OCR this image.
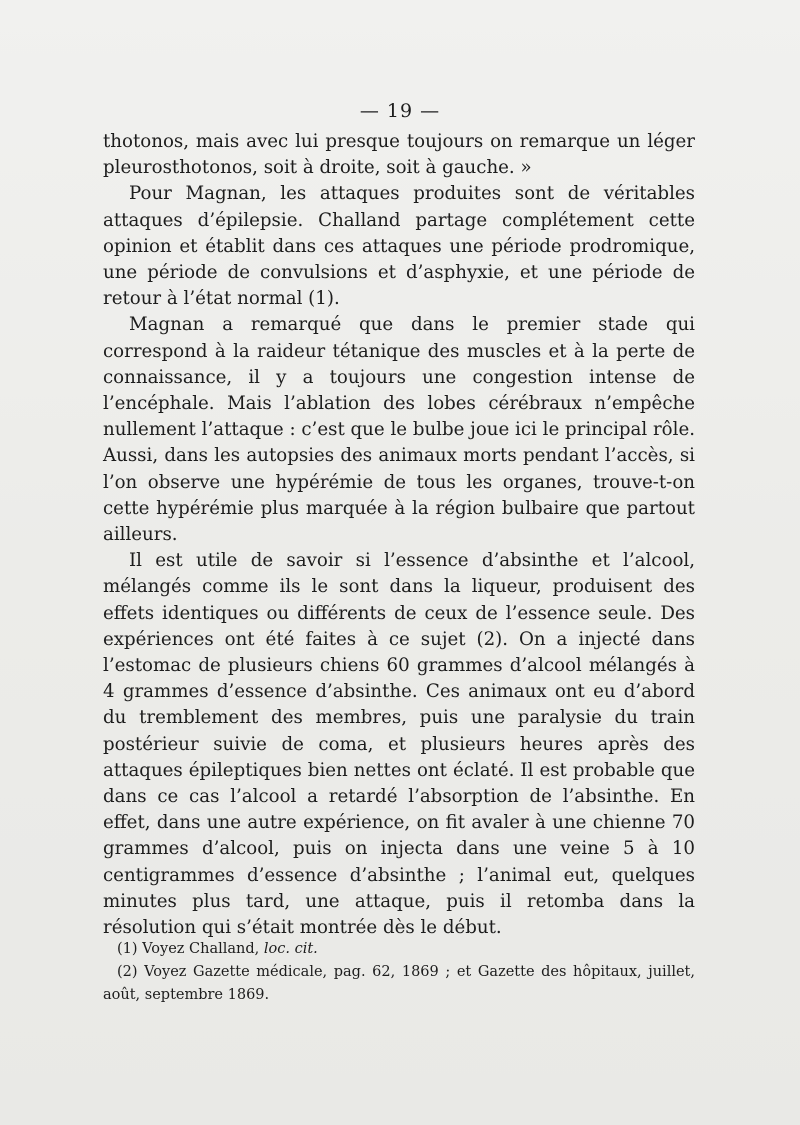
— 19 —

thotonos, mais avec lui presque toujours on remarque un léger pleurosthotonos, soit à droite, soit à gauche. »

Pour Magnan, les attaques produites sont de véritables attaques d’épilepsie. Challand partage complétement cette opinion et établit dans ces attaques une période prodromique, une période de convulsions et d’asphyxie, et une période de retour à l’état normal (1).

Magnan a remarqué que dans le premier stade qui correspond à la raideur tétanique des muscles et à la perte de connaissance, il y a toujours une congestion intense de l’encéphale. Mais l’ablation des lobes cérébraux n’empêche nullement l’attaque : c’est que le bulbe joue ici le principal rôle. Aussi, dans les autopsies des animaux morts pendant l’accès, si l’on observe une hypérémie de tous les organes, trouve-t-on cette hypérémie plus marquée à la région bulbaire que partout ailleurs.

Il est utile de savoir si l’essence d’absinthe et l’alcool, mélangés comme ils le sont dans la liqueur, produisent des effets identiques ou différents de ceux de l’essence seule. Des expériences ont été faites à ce sujet (2). On a injecté dans l’estomac de plusieurs chiens 60 grammes d’alcool mélangés à 4 grammes d’essence d’absinthe. Ces animaux ont eu d’abord du tremblement des membres, puis une paralysie du train postérieur suivie de coma, et plusieurs heures après des attaques épileptiques bien nettes ont éclaté. Il est probable que dans ce cas l’alcool a retardé l’absorption de l’absinthe. En effet, dans une autre expérience, on fit avaler à une chienne 70 grammes d’alcool, puis on injecta dans une veine 5 à 10 centigrammes d’essence d’absinthe ; l’animal eut, quelques minutes plus tard, une attaque, puis il retomba dans la résolution qui s’était montrée dès le début.

(1) Voyez Challand, loc. cit.

(2) Voyez Gazette médicale, pag. 62, 1869 ; et Gazette des hôpitaux, juillet, août, septembre 1869.
